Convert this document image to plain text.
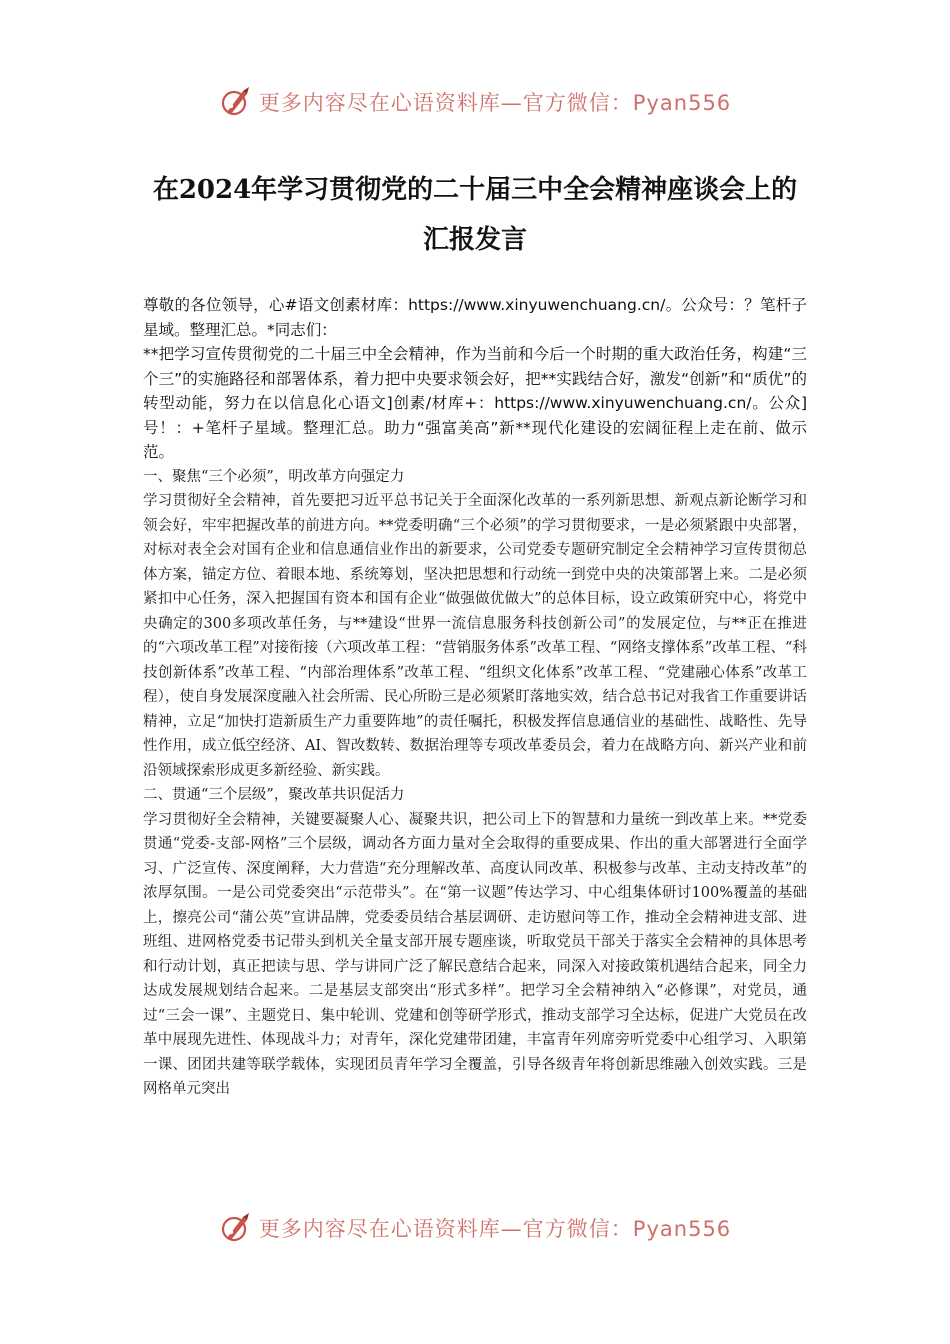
更多内容尽在心语资料库—官方微信：Pyan556
在2024年学习贯彻党的二十届三中全会精神座谈会上的汇报发言

尊敬的各位领导，心#语文创素材库：https://www.xinyuwenchuang.cn/。公众号：？笔杆子星域。整理汇总。*同志们：

**把学习宣传贯彻党的二十届三中全会精神，作为当前和今后一个时期的重大政治任务，构建“三个三”的实施路径和部署体系，着力把中央要求领会好，把**实践结合好，激发“创新”和“质优”的转型动能，努力在以信息化心语文]创素/材库+：https://www.xinyuwenchuang.cn/。公众]号！：+笔杆子星域。整理汇总。助力“强富美高”新**现代化建设的宏阔征程上走在前、做示范。

一、聚焦“三个必须”，明改革方向强定力

学习贯彻好全会精神，首先要把习近平总书记关于全面深化改革的一系列新思想、新观点新论断学习和领会好，牢牢把握改革的前进方向。**党委明确“三个必须”的学习贯彻要求，一是必须紧跟中央部署，对标对表全会对国有企业和信息通信业作出的新要求，公司党委专题研究制定全会精神学习宣传贯彻总体方案，锚定方位、着眼本地、系统筹划，坚决把思想和行动统一到党中央的决策部署上来。二是必须紧扣中心任务，深入把握国有资本和国有企业“做强做优做大”的总体目标，设立政策研究中心，将党中央确定的300多项改革任务，与**建设“世界一流信息服务科技创新公司”的发展定位，与**正在推进的“六项改革工程”对接衔接（六项改革工程：“营销服务体系”改革工程、“网络支撑体系”改革工程、“科技创新体系”改革工程、“内部治理体系”改革工程、“组织文化体系”改革工程、“党建融心体系”改革工程），使自身发展深度融入社会所需、民心所盼三是必须紧盯落地实效，结合总书记对我省工作重要讲话精神，立足“加快打造新质生产力重要阵地”的责任嘱托，积极发挥信息通信业的基础性、战略性、先导性作用，成立低空经济、AI、智改数转、数据治理等专项改革委员会，着力在战略方向、新兴产业和前沿领域探索形成更多新经验、新实践。

二、贯通“三个层级”，聚改革共识促活力

学习贯彻好全会精神，关键要凝聚人心、凝聚共识，把公司上下的智慧和力量统一到改革上来。**党委贯通“党委-支部-网格”三个层级，调动各方面力量对全会取得的重要成果、作出的重大部署进行全面学习、广泛宣传、深度阐释，大力营造“充分理解改革、高度认同改革、积极参与改革、主动支持改革”的浓厚氛围。一是公司党委突出“示范带头”。在“第一议题”传达学习、中心组集体研讨100%覆盖的基础上，擦亮公司“蒲公英”宣讲品牌，党委委员结合基层调研、走访慰问等工作，推动全会精神进支部、进班组、进网格党委书记带头到机关全量支部开展专题座谈，听取党员干部关于落实全会精神的具体思考和行动计划，真正把读与思、学与讲同广泛了解民意结合起来，同深入对接政策机遇结合起来，同全力达成发展规划结合起来。二是基层支部突出“形式多样”。把学习全会精神纳入“必修课”，对党员，通过“三会一课”、主题党日、集中轮训、党建和创等研学形式，推动支部学习全达标，促进广大党员在改革中展现先进性、体现战斗力；对青年，深化党建带团建，丰富青年列席旁听党委中心组学习、入职第一课、团团共建等联学载体，实现团员青年学习全覆盖，引导各级青年将创新思维融入创效实践。三是网格单元突出

更多内容尽在心语资料库—官方微信：Pyan556
